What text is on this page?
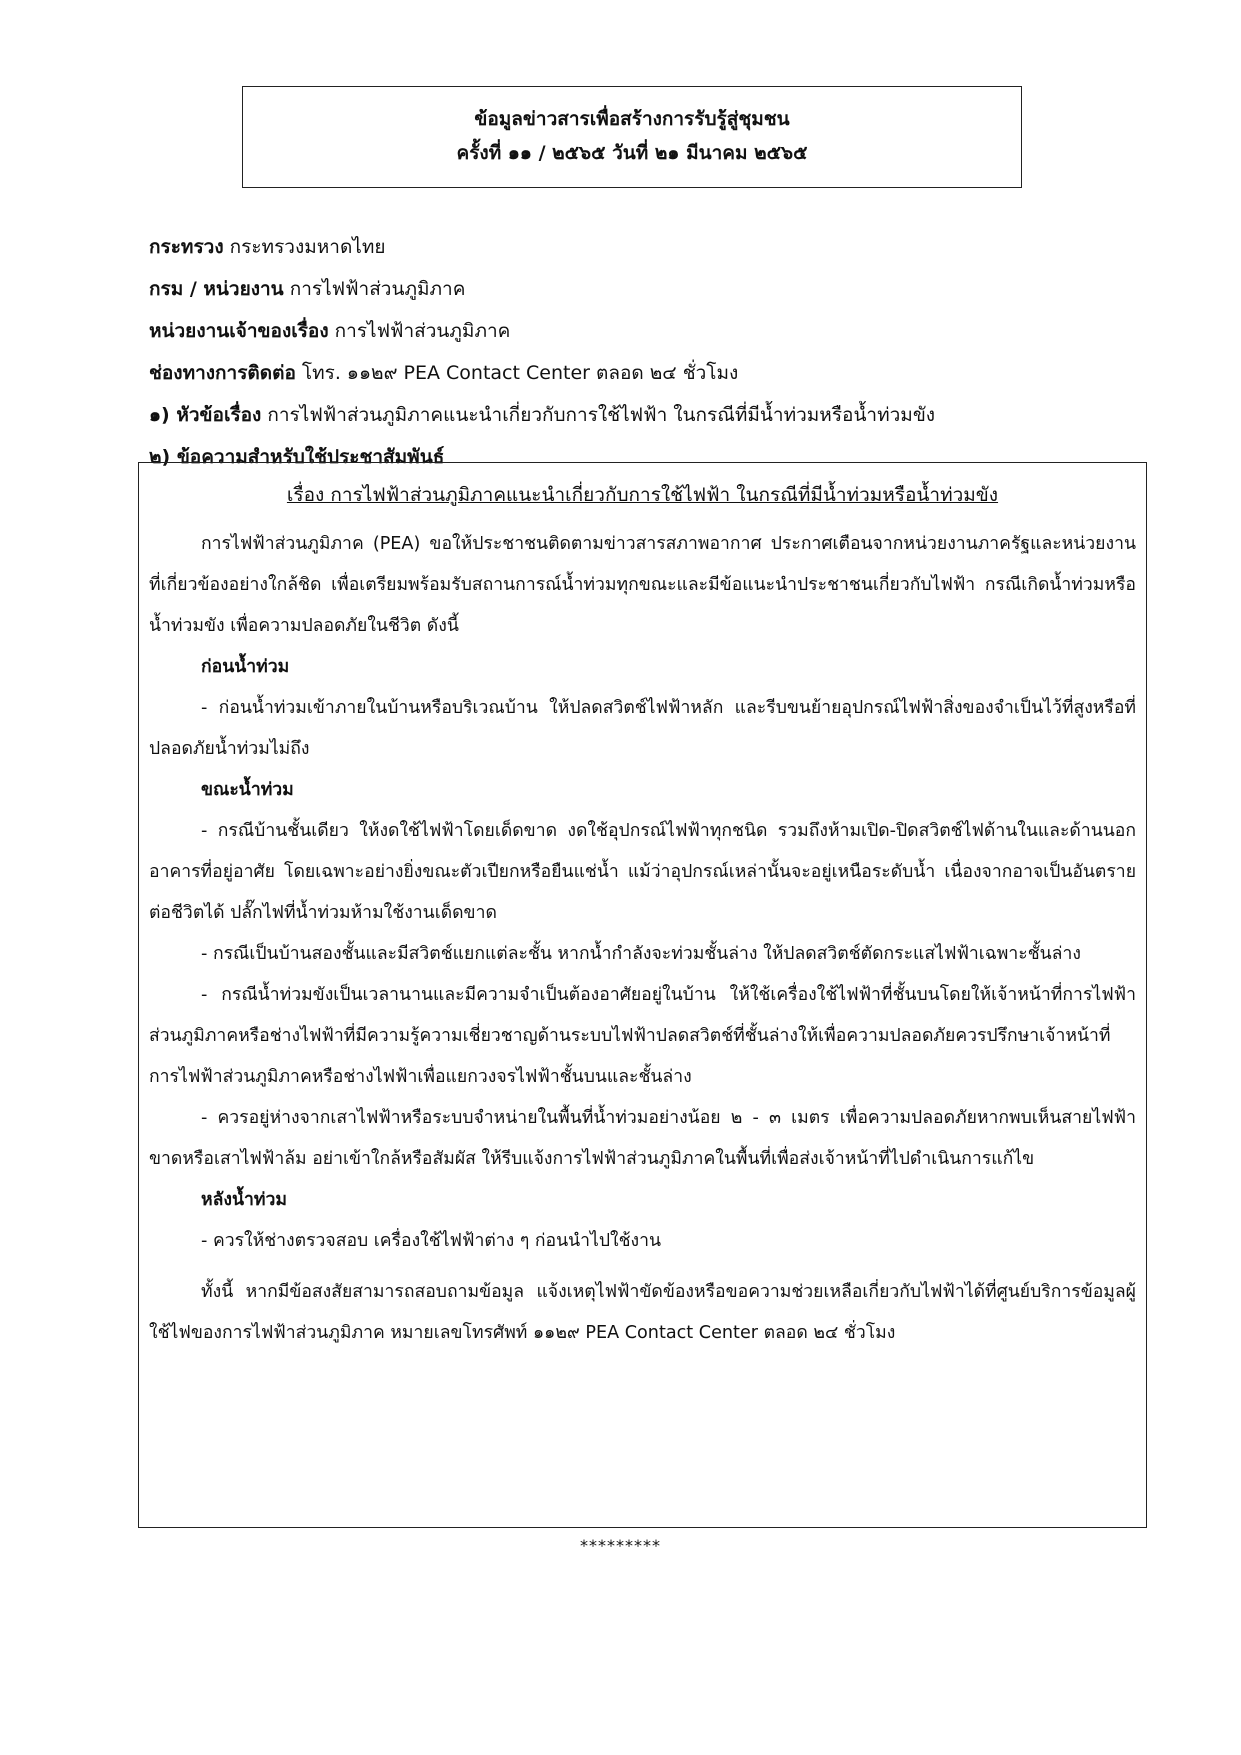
ข้อมูลข่าวสารเพื่อสร้างการรับรู้สู่ชุมชน
ครั้งที่ ๑๑ / ๒๕๖๕ วันที่ ๒๑ มีนาคม ๒๕๖๕
กระทรวง กระทรวงมหาดไทย
กรม / หน่วยงาน การไฟฟ้าส่วนภูมิภาค
หน่วยงานเจ้าของเรื่อง การไฟฟ้าส่วนภูมิภาค
ช่องทางการติดต่อ โทร. ๑๑๒๙ PEA Contact Center ตลอด ๒๔ ชั่วโมง
๑) หัวข้อเรื่อง การไฟฟ้าส่วนภูมิภาคแนะนำเกี่ยวกับการใช้ไฟฟ้า ในกรณีที่มีน้ำท่วมหรือน้ำท่วมขัง
๒) ข้อความสำหรับใช้ประชาสัมพันธ์
เรื่อง การไฟฟ้าส่วนภูมิภาคแนะนำเกี่ยวกับการใช้ไฟฟ้า ในกรณีที่มีน้ำท่วมหรือน้ำท่วมขัง

การไฟฟ้าส่วนภูมิภาค (PEA) ขอให้ประชาชนติดตามข่าวสารสภาพอากาศ ประกาศเตือนจากหน่วยงานภาครัฐและหน่วยงานที่เกี่ยวข้องอย่างใกล้ชิด เพื่อเตรียมพร้อมรับสถานการณ์น้ำท่วมทุกขณะและมีข้อแนะนำประชาชนเกี่ยวกับไฟฟ้า กรณีเกิดน้ำท่วมหรือน้ำท่วมขัง เพื่อความปลอดภัยในชีวิต ดังนี้

ก่อนน้ำท่วม

- ก่อนน้ำท่วมเข้าภายในบ้านหรือบริเวณบ้าน ให้ปลดสวิตช์ไฟฟ้าหลัก และรีบขนย้ายอุปกรณ์ไฟฟ้าสิ่งของจำเป็นไว้ที่สูงหรือที่ปลอดภัยน้ำท่วมไม่ถึง

ขณะน้ำท่วม

- กรณีบ้านชั้นเดียว ให้งดใช้ไฟฟ้าโดยเด็ดขาด งดใช้อุปกรณ์ไฟฟ้าทุกชนิด รวมถึงห้ามเปิด-ปิดสวิตช์ไฟด้านในและด้านนอกอาคารที่อยู่อาศัย โดยเฉพาะอย่างยิ่งขณะตัวเปียกหรือยืนแช่น้ำ แม้ว่าอุปกรณ์เหล่านั้นจะอยู่เหนือระดับน้ำ เนื่องจากอาจเป็นอันตรายต่อชีวิตได้ ปลั๊กไฟที่น้ำท่วมห้ามใช้งานเด็ดขาด

- กรณีเป็นบ้านสองชั้นและมีสวิตช์แยกแต่ละชั้น หากน้ำกำลังจะท่วมชั้นล่าง ให้ปลดสวิตช์ตัดกระแสไฟฟ้าเฉพาะชั้นล่าง

- กรณีน้ำท่วมขังเป็นเวลานานและมีความจำเป็นต้องอาศัยอยู่ในบ้าน ให้ใช้เครื่องใช้ไฟฟ้าที่ชั้นบนโดยให้เจ้าหน้าที่การไฟฟ้าส่วนภูมิภาคหรือช่างไฟฟ้าที่มีความรู้ความเชี่ยวชาญด้านระบบไฟฟ้าปลดสวิตช์ที่ชั้นล่างให้เพื่อความปลอดภัยควรปรึกษาเจ้าหน้าที่การไฟฟ้าส่วนภูมิภาคหรือช่างไฟฟ้าเพื่อแยกวงจรไฟฟ้าชั้นบนและชั้นล่าง

- ควรอยู่ห่างจากเสาไฟฟ้าหรือระบบจำหน่ายในพื้นที่น้ำท่วมอย่างน้อย ๒ - ๓ เมตร เพื่อความปลอดภัยหากพบเห็นสายไฟฟ้าขาดหรือเสาไฟฟ้าล้ม อย่าเข้าใกล้หรือสัมผัส ให้รีบแจ้งการไฟฟ้าส่วนภูมิภาคในพื้นที่เพื่อส่งเจ้าหน้าที่ไปดำเนินการแก้ไข

หลังน้ำท่วม

- ควรให้ช่างตรวจสอบ เครื่องใช้ไฟฟ้าต่าง ๆ ก่อนนำไปใช้งาน

ทั้งนี้ หากมีข้อสงสัยสามารถสอบถามข้อมูล แจ้งเหตุไฟฟ้าขัดข้องหรือขอความช่วยเหลือเกี่ยวกับไฟฟ้าได้ที่ศูนย์บริการข้อมูลผู้ใช้ไฟของการไฟฟ้าส่วนภูมิภาค หมายเลขโทรศัพท์ ๑๑๒๙ PEA Contact Center ตลอด ๒๔ ชั่วโมง

*********
